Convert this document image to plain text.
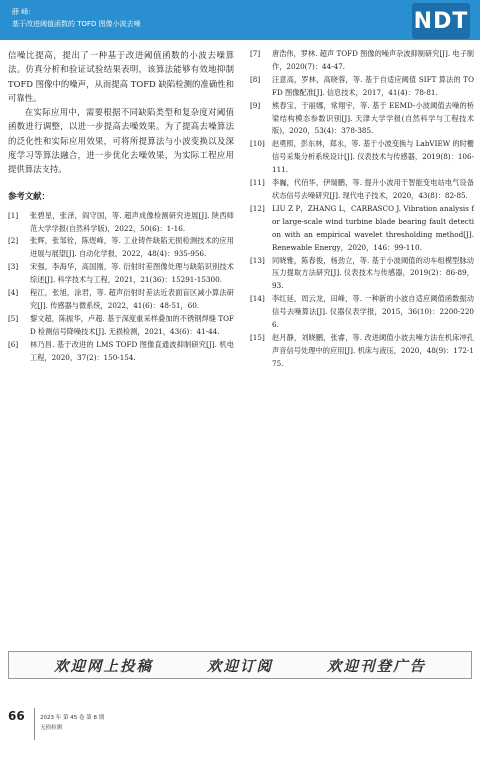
薛 峰:
基于改进阈值函数的 TOFD 图像小波去噪	NDT

信噪比提高，提出了一种基于改进阈值函数的小波去噪算法。仿真分析和验证试验结果表明，该算法能够有效地抑制 TOFD 图像中的噪声，从而提高 TOFD 缺陷检测的准确性和可靠性。

在实际应用中，需要根据不同缺陷类型和复杂度对阈值函数进行调整，以进一步提高去噪效果。为了提高去噪算法的泛化性和实际应用效果，可将所提算法与小波变换以及深度学习等算法融合，进一步优化去噪效果，为实际工程应用提供算法支持。

参考文献：
[1]	张碧星，张泽，阎守国，等. 超声成像检测研究进展[J]. 陕西师范大学学报(自然科学版)，2022，50(6)：1-16.
[2]	张辉，张邹铨，陈煜峰，等. 工业铸件缺陷无损检测技术的应用进展与展望[J]. 自动化学报，2022，48(4)：935-956.
[3]	宋强，李海华，高国刚，等. 衍射时差图像处理与缺陷识别技术综述[J]. 科学技术与工程，2021，21(36)：15291-15300.
[4]	程江，张旭，涂君，等. 超声衍射时差法近表面盲区减小算法研究[J]. 传感器与微系统，2022，41(6)：48-51，60.
[5]	黎文超，陈振华，卢超. 基于深度重采样叠加的不锈钢焊缝 TOFD 检测信号降噪技术[J]. 无损检测，2021，43(6)：41-44.
[6]	林乃昌. 基于改进的 LMS TOFD 图像直通波抑制研究[J]. 机电工程，2020，37(2)：150-154.
[7]	唐浩伟，罗林. 超声 TOFD 图像的噪声杂波抑制研究[J]. 电子制作，2020(7)：44-47.
[8]	汪意高，罗林，高晓蓉，等. 基于自适应阈值 SIFT 算法的 TOFD 图像配准[J]. 信息技术，2017，41(4)：78-81.
[9]	熊春宝，于丽娜，常翔宇，等. 基于 EEMD-小波阈值去噪的桥梁结构模态参数识别[J]. 天津大学学报(自然科学与工程技术版)，2020，53(4)：378-385.
[10]	赵勇照，彭东林，郑永，等. 基于小波变换与 LabVIEW 的时栅信号采集分析系统设计[J]. 仪表技术与传感器，2019(8)：106-111.
[11]	李巍，代佰华，伊瑞鹏，等. 提升小波用于智能变电站电气设备状态信号去噪研究[J]. 现代电子技术，2020，43(8)：82-85.
[12]	LIU Z P，ZHANG L，CARRASCO J. Vibration analysis for large-scale wind turbine blade bearing fault detection with an empirical wavelet thresholding method[J]. Renewable Energy，2020，146：99-110.
[13]	同晓雅，陈春俊，杨劲立，等. 基于小波阈值的动车组模型脉动压力提取方法研究[J]. 仪表技术与传感器，2019(2)：86-89，93.
[14]	李红延，周云龙，田峰，等. 一种新的小波自适应阈值函数振动信号去噪算法[J]. 仪器仪表学报，2015，36(10)：2200-2206.
[15]	赵月静，刘晓鹏，张睿，等. 改进阈值小波去噪方法在机床冲孔声音信号处理中的应用[J]. 机床与液压，2020，48(9)：172-175.
欢迎网上投稿	欢迎订阅	欢迎刊登广告
66	2023 年 第 45 卷 第 8 期
无损检测
